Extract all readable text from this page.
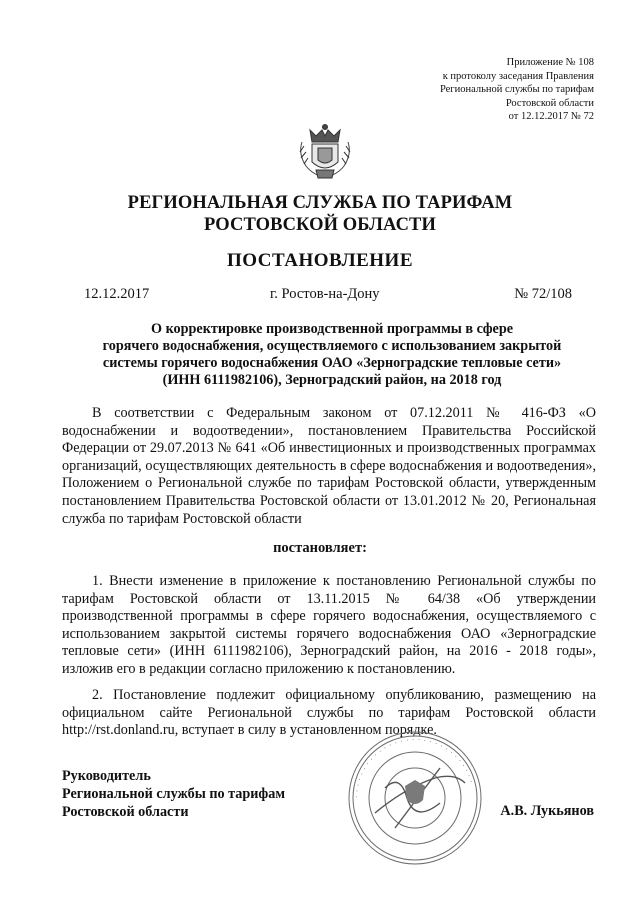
Приложение № 108
к протоколу заседания Правления
Региональной службы по тарифам
Ростовской области
от 12.12.2017 № 72
РЕГИОНАЛЬНАЯ СЛУЖБА ПО ТАРИФАМ
РОСТОВСКОЙ ОБЛАСТИ
ПОСТАНОВЛЕНИЕ
12.12.2017	г. Ростов-на-Дону	№ 72/108
О корректировке производственной программы в сфере
горячего водоснабжения, осуществляемого с использованием закрытой
системы горячего водоснабжения ОАО «Зерноградские тепловые сети»
(ИНН 6111982106), Зерноградский район, на 2018 год
В соответствии с Федеральным законом от 07.12.2011 № 416-ФЗ «О водоснабжении и водоотведении», постановлением Правительства Российской Федерации от 29.07.2013 № 641 «Об инвестиционных и производственных программах организаций, осуществляющих деятельность в сфере водоснабжения и водоотведения», Положением о Региональной службе по тарифам Ростовской области, утвержденным постановлением Правительства Ростовской области от 13.01.2012 № 20, Региональная служба по тарифам Ростовской области
постановляет:
1. Внести изменение в приложение к постановлению Региональной службы по тарифам Ростовской области от 13.11.2015 № 64/38 «Об утверждении производственной программы в сфере горячего водоснабжения, осуществляемого с использованием закрытой системы горячего водоснабжения ОАО «Зерноградские тепловые сети» (ИНН 6111982106), Зерноградский район, на 2016 - 2018 годы», изложив его в редакции согласно приложению к постановлению.
2. Постановление подлежит официальному опубликованию, размещению на официальном сайте Региональной службы по тарифам Ростовской области http://rst.donland.ru, вступает в силу в установленном порядке.
· · · · · · · · · · · · · · · · · · · · · · · · · · · · ·
Руководитель
Региональной службы по тарифам
Ростовской области	А.В. Лукьянов
